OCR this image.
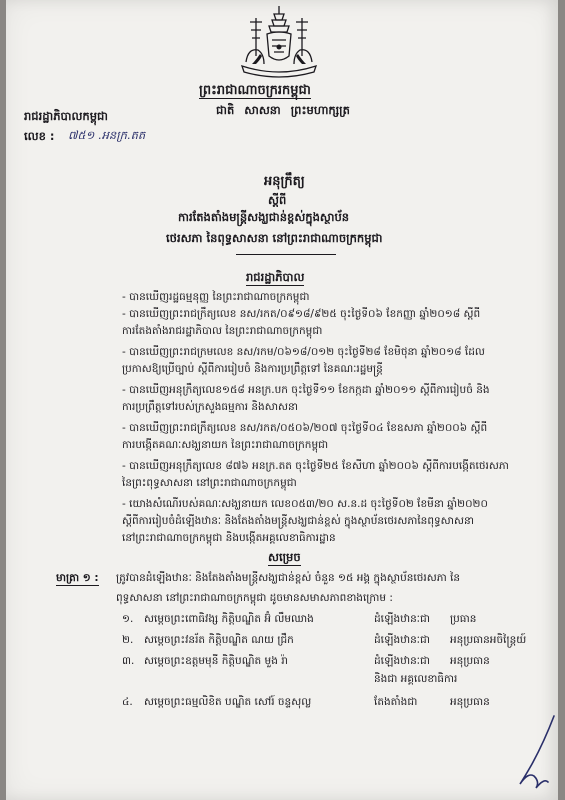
ព្រះរាជាណាចក្ររកម្ពុជា
ជាតិ សាសនា ព្រះមហាក្សត្រ
រាជរដ្ឋាភិបាលកម្ពុជា
លេខ : ៧៥១ .អនក្រ.តត
អនុក្រឹត្យ
ស្តីពី
ការតែងតាំងមន្ត្រីសង្ឃជាន់ខ្ពស់ក្នុងស្ថាប័ន
ថេរសភា នៃពុទ្ធសាសនា នៅព្រះរាជាណាចក្រកម្ពុជា
រាជរដ្ឋាភិបាល
- បានឃើញរដ្ឋធម្មនុញ្ញ នៃព្រះរាជាណាចក្រកម្ពុជា
- បានឃើញព្រះរាជក្រឹត្យលេខ នស/រកត/០៩១៨/៩២៥ ចុះថ្ងៃទី០៦ ខែកញ្ញា ឆ្នាំ២០១៨ ស្តីពី
ការតែងតាំងរាជរដ្ឋាភិបាល នៃព្រះរាជាណាចក្រកម្ពុជា
- បានឃើញព្រះរាជក្រមលេខ នស/រកម/០៦១៨/០១២ ចុះថ្ងៃទី២៨ ខែមិថុនា ឆ្នាំ២០១៨ ដែល
ប្រកាសឱ្យប្រើច្បាប់ ស្តីពីការរៀបចំ និងការប្រព្រឹត្តទៅ នៃគណៈរដ្ឋមន្ត្រី
- បានឃើញអនុក្រឹត្យលេខ១៥៨ អនក្រ.បក ចុះថ្ងៃទី១១ ខែកក្កដា ឆ្នាំ២០១១ ស្តីពីការរៀបចំ និង
ការប្រព្រឹត្តទៅរបស់ក្រសួងធម្មការ និងសាសនា
- បានឃើញព្រះរាជក្រឹត្យលេខ នស/រកត/០៥០៦/២០៧ ចុះថ្ងៃទី០៤ ខែឧសភា ឆ្នាំ២០០៦ ស្តីពី
ការបង្កើតគណៈសង្ឃនាយក នៃព្រះរាជាណាចក្រកម្ពុជា
- បានឃើញអនុក្រឹត្យលេខ ៨៧៦ អនក្រ.តត ចុះថ្ងៃទី២៥ ខែសីហា ឆ្នាំ២០០៦ ស្តីពីការបង្កើតថេរសភា
នៃព្រះពុទ្ធសាសនា នៅព្រះរាជាណាចក្រកម្ពុជា
- យោងសំណើរបស់គណៈសង្ឃនាយក លេខ០៥៣/២០ ស.ន.ដ ចុះថ្ងៃទី០២ ខែមីនា ឆ្នាំ២០២០
ស្តីពីការរៀបចំដំឡើងឋានៈ និងតែងតាំងមន្ត្រីសង្ឃជាន់ខ្ពស់ ក្នុងស្ថាប័នថេរសភានៃពុទ្ធសាសនា
នៅព្រះរាជាណាចក្រកម្ពុជា និងបង្កើតអគ្គលេខាធិការដ្ឋាន
សម្រេច
មាត្រា ១ : ត្រូវបានដំឡើងឋានៈ និងតែងតាំងមន្ត្រីសង្ឃជាន់ខ្ពស់ ចំនួន ១៥ អង្គ ក្នុងស្ថាប័នថេរសភា នៃ
ពុទ្ធសាសនា នៅព្រះរាជាណាចក្រកម្ពុជា ដូចមានសមាសភាពខាងក្រោម :
១. សម្តេចព្រះពោធិវង្ស កិត្តិបណ្ឌិត អ៊ំ លឹមឈាង	ដំឡើងឋានៈជា ប្រធាន
២. សម្តេចព្រះវនរ័ត កិត្តិបណ្ឌិត ណយ ជ្រឹក	ដំឡើងឋានៈជា អនុប្រធានអចិន្ត្រៃយ៍
៣. សម្តេចព្រះឧត្តមមុនី កិត្តិបណ្ឌិត មួង រ៉ា	ដំឡើងឋានៈជា អនុប្រធាន
និងជា អគ្គលេខាធិការ
៤. សម្តេចព្រះធម្មលិខិត បណ្ឌិត សៅរ៍ ចន្ទសុល្ល	តែងតាំងជា	អនុប្រធាន
